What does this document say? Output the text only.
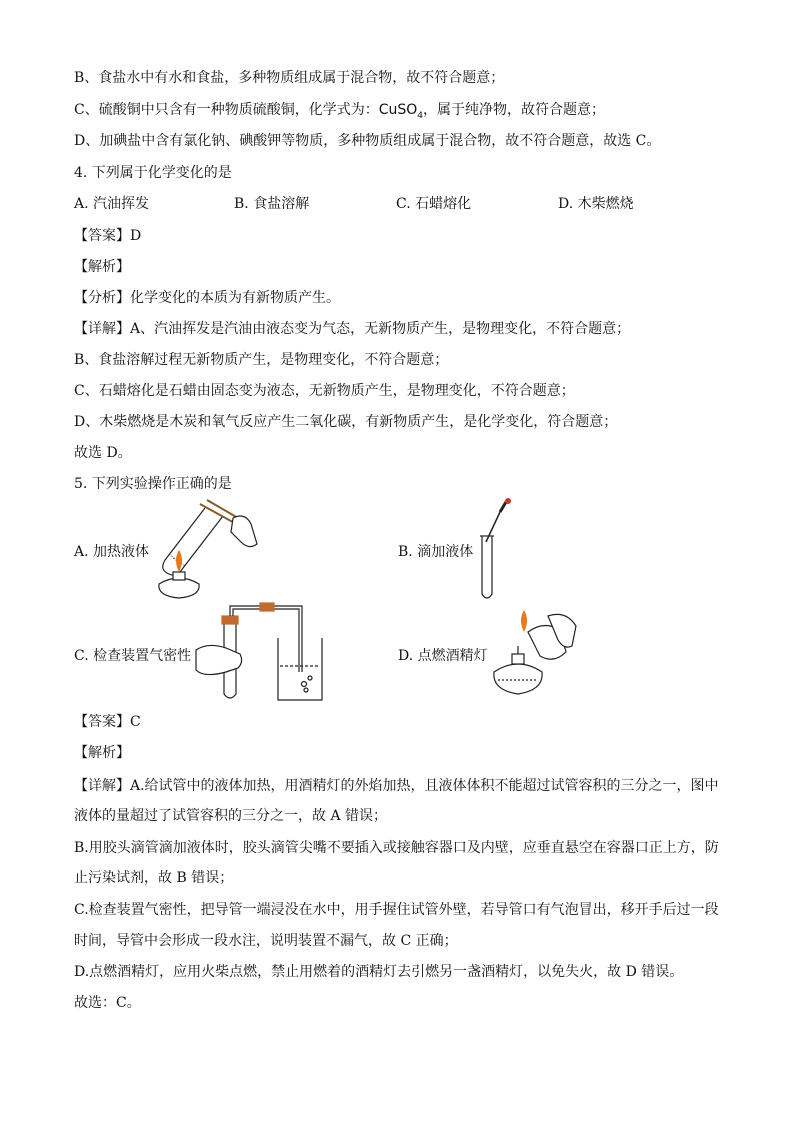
B、食盐水中有水和食盐，多种物质组成属于混合物，故不符合题意；
C、硫酸铜中只含有一种物质硫酸铜，化学式为：CuSO$_4$，属于纯净物，故符合题意；
D、加碘盐中含有氯化钠、碘酸钾等物质，多种物质组成属于混合物，故不符合题意，故选 C。
4. 下列属于化学变化的是
A. 汽油挥发	B. 食盐溶解	C. 石蜡熔化	D. 木柴燃烧
【答案】D
【解析】
【分析】化学变化的本质为有新物质产生。
【详解】A、汽油挥发是汽油由液态变为气态，无新物质产生，是物理变化，不符合题意；
B、食盐溶解过程无新物质产生，是物理变化，不符合题意；
C、石蜡熔化是石蜡由固态变为液态，无新物质产生，是物理变化，不符合题意；
D、木柴燃烧是木炭和氧气反应产生二氧化碳，有新物质产生，是化学变化，符合题意；
故选 D。
5. 下列实验操作正确的是
A. 加热液体	B. 滴加液体
C. 检查装置气密性	D. 点燃酒精灯
【答案】C
【解析】
【详解】A.给试管中的液体加热，用酒精灯的外焰加热，且液体体积不能超过试管容积的三分之一，图中
液体的量超过了试管容积的三分之一，故 A 错误；
B.用胶头滴管滴加液体时，胶头滴管尖嘴不要插入或接触容器口及内壁，应垂直悬空在容器口正上方，防
止污染试剂，故 B 错误；
C.检查装置气密性，把导管一端浸没在水中，用手握住试管外壁，若导管口有气泡冒出，移开手后过一段
时间，导管中会形成一段水注，说明装置不漏气，故 C 正确；
D.点燃酒精灯，应用火柴点燃，禁止用燃着的酒精灯去引燃另一盏酒精灯，以免失火，故 D 错误。
故选：C。
